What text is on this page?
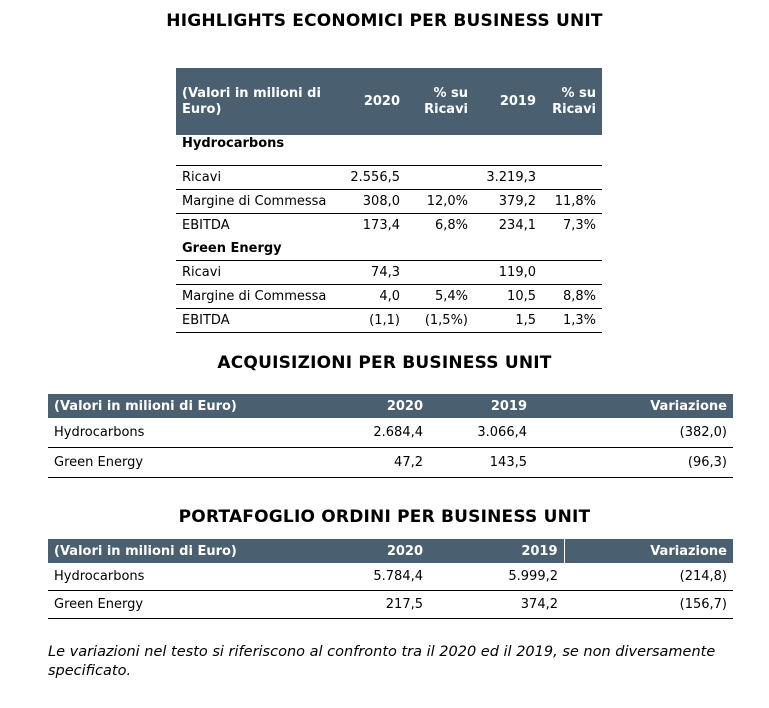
HIGHLIGHTS ECONOMICI PER BUSINESS UNIT
(Valori in milioni di Euro)	2020	% su Ricavi	2019	% su Ricavi
Hydrocarbons				
Ricavi	2.556,5		3.219,3	
Margine di Commessa	308,0	12,0%	379,2	11,8%
EBITDA	173,4	6,8%	234,1	7,3%
Green Energy				
Ricavi	74,3		119,0	
Margine di Commessa	4,0	5,4%	10,5	8,8%
EBITDA	(1,1)	(1,5%)	1,5	1,3%
ACQUISIZIONI PER BUSINESS UNIT
(Valori in milioni di Euro)	2020	2019	Variazione
Hydrocarbons	2.684,4	3.066,4	(382,0)
Green Energy	47,2	143,5	(96,3)
PORTAFOGLIO ORDINI PER BUSINESS UNIT
(Valori in milioni di Euro)	2020	2019	Variazione
Hydrocarbons	5.784,4	5.999,2	(214,8)
Green Energy	217,5	374,2	(156,7)
Le variazioni nel testo si riferiscono al confronto tra il 2020 ed il 2019, se non diversamente specificato.
